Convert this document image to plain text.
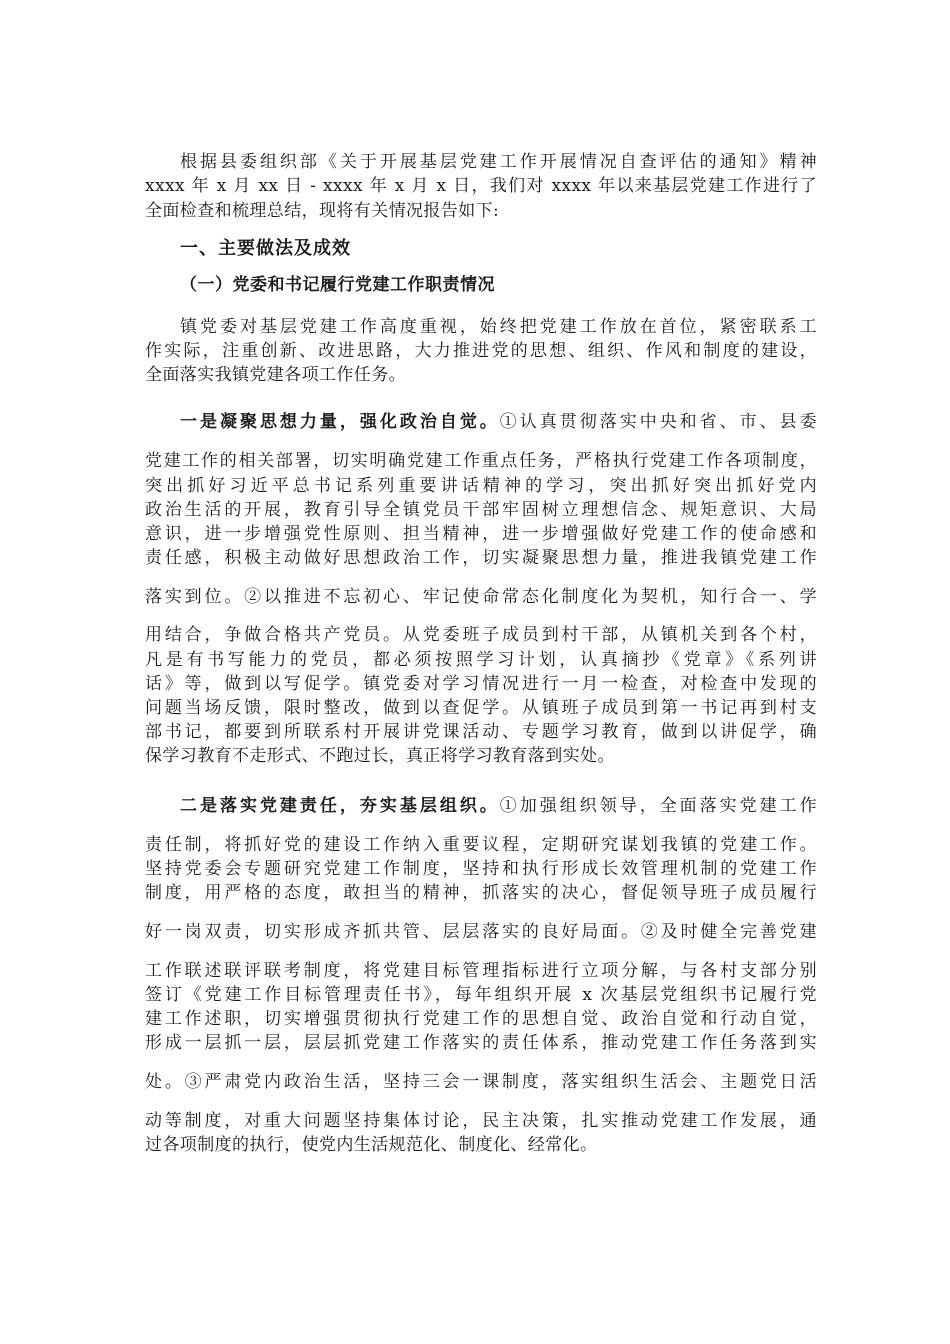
根据县委组织部《关于开展基层党建工作开展情况自查评估的通知》精神
xxxx 年 x 月 xx 日 - xxxx 年 x 月 x 日，我们对 xxxx 年以来基层党建工作进行了
全面检查和梳理总结，现将有关情况报告如下:
一、主要做法及成效
（一）党委和书记履行党建工作职责情况
镇党委对基层党建工作高度重视，始终把党建工作放在首位，紧密联系工
作实际，注重创新、改进思路，大力推进党的思想、组织、作风和制度的建设，
全面落实我镇党建各项工作任务。
一是凝聚思想力量，强化政治自觉。①认真贯彻落实中央和省、市、县委
党建工作的相关部署，切实明确党建工作重点任务，严格执行党建工作各项制度，
突出抓好习近平总书记系列重要讲话精神的学习，突出抓好突出抓好党内
政治生活的开展，教育引导全镇党员干部牢固树立理想信念、规矩意识、大局
意识，进一步增强党性原则、担当精神，进一步增强做好党建工作的使命感和
责任感，积极主动做好思想政治工作，切实凝聚思想力量，推进我镇党建工作
落实到位。②以推进不忘初心、牢记使命常态化制度化为契机，知行合一、学
用结合，争做合格共产党员。从党委班子成员到村干部，从镇机关到各个村，
凡是有书写能力的党员，都必须按照学习计划，认真摘抄《党章》《系列讲
话》等，做到以写促学。镇党委对学习情况进行一月一检查，对检查中发现的
问题当场反馈，限时整改，做到以查促学。从镇班子成员到第一书记再到村支
部书记，都要到所联系村开展讲党课活动、专题学习教育，做到以讲促学，确
保学习教育不走形式、不跑过长，真正将学习教育落到实处。
二是落实党建责任，夯实基层组织。①加强组织领导，全面落实党建工作
责任制，将抓好党的建设工作纳入重要议程，定期研究谋划我镇的党建工作。
坚持党委会专题研究党建工作制度，坚持和执行形成长效管理机制的党建工作
制度，用严格的态度，敢担当的精神，抓落实的决心，督促领导班子成员履行
好一岗双责，切实形成齐抓共管、层层落实的良好局面。②及时健全完善党建
工作联述联评联考制度，将党建目标管理指标进行立项分解，与各村支部分别
签订《党建工作目标管理责任书》，每年组织开展 x 次基层党组织书记履行党
建工作述职，切实增强贯彻执行党建工作的思想自觉、政治自觉和行动自觉，
形成一层抓一层，层层抓党建工作落实的责任体系，推动党建工作任务落到实
处。③严肃党内政治生活，坚持三会一课制度，落实组织生活会、主题党日活
动等制度，对重大问题坚持集体讨论，民主决策，扎实推动党建工作发展，通
过各项制度的执行，使党内生活规范化、制度化、经常化。
